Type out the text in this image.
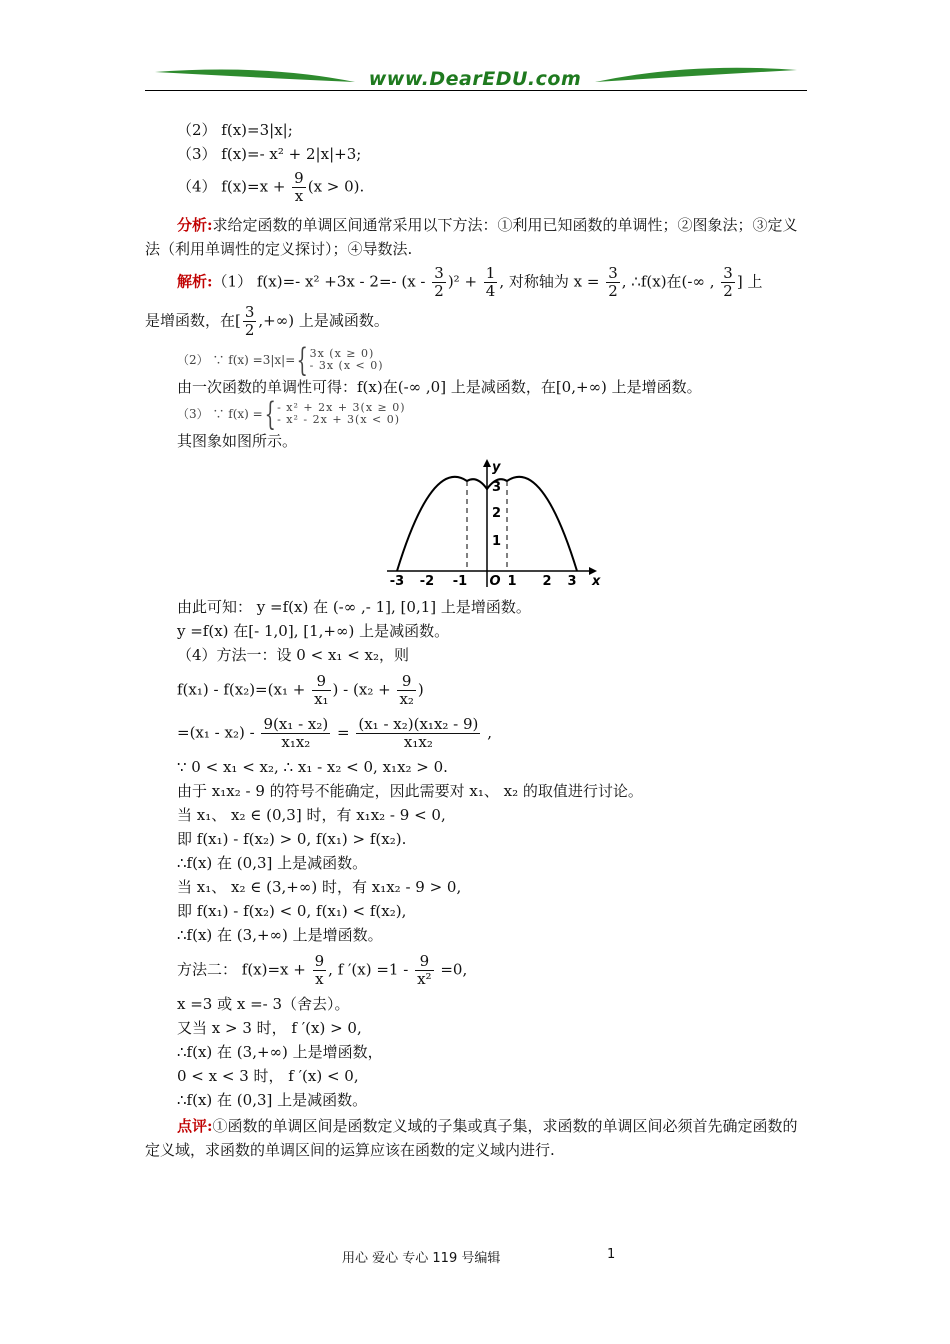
www.DearEDU.com
（2） f(x)=3|x|;
（3） f(x)=- x² + 2|x|+3;
（4） $f(x)=x + \frac{9}{x} (x > 0)$.
分析:求给定函数的单调区间通常采用以下方法：①利用已知函数的单调性；②图象法；③定义法（利用单调性的定义探讨）；④导数法.
解析:（1） f(x)=- x² +3x - 2=- $(x - \frac{3}{2} )^2 + \frac{1}{4}$ , 对称轴为 $x = \frac{3}{2}$ , ∴f(x)在(-∞ , $\frac{3}{2}$ ] 上
是增函数，在[ $\frac{3}{2}$ ,+∞) 上是减函数。
（2） ∵ f(x) =3|x|={ 3x (x ≥ 0)
- 3x (x < 0)
由一次函数的单调性可得：f(x)在(-∞ ,0] 上是减函数，在[0,+∞) 上是增函数。
（3） ∵ f(x) ={ - x² + 2x + 3(x ≥ 0)
- x² - 2x + 3(x < 0)
其图象如图所示。
-3 -2 -1 O 1 2 3 x
1
2
3
y
由此可知： y =f(x) 在 (-∞ ,- 1], [0,1] 上是增函数。
y =f(x) 在[- 1,0], [1,+∞) 上是减函数。
（4）方法一：设 0 < x₁ < x₂，则
$f(x_1) - f(x_2)=(x_1 + \frac{9}{\text{x₁}}$ ) - ($x_2 + \frac{9}{\text{x₂}}$ )
$=(x_1 - x_2) - \frac{\text{9(x₁ - x₂)}}{\text{x₁x₂}} = \frac{\text{(x₁ - x₂)(x₁x₂ - 9)}}{\text{x₁x₂}}$ ,
∵ 0 < x₁ < x₂, ∴ x₁ - x₂ < 0, x₁x₂ > 0.
由于 x₁x₂ - 9 的符号不能确定，因此需要对 x₁、 x₂ 的取值进行讨论。
当 x₁、 x₂ ∈ (0,3] 时，有 x₁x₂ - 9 < 0,
即 f(x₁) - f(x₂) > 0, f(x₁) > f(x₂).
∴f(x) 在 (0,3] 上是减函数。
当 x₁、 x₂ ∈ (3,+∞) 时，有 x₁x₂ - 9 > 0,
即 f(x₁) - f(x₂) < 0, f(x₁) < f(x₂),
∴f(x) 在 (3,+∞) 上是增函数。
方法二： $f(x)=x + \frac{9}{x}$ , f $'(x) =1 - \frac{9}{\text{x²}} =0$,
x =3 或 x =- 3（舍去）。
又当 x > 3 时， f ′(x) > 0,
∴f(x) 在 (3,+∞) 上是增函数，
0 < x < 3 时， f ′(x) < 0,
∴f(x) 在 (0,3] 上是减函数。
点评:①函数的单调区间是函数定义域的子集或真子集，求函数的单调区间必须首先确定函数的定义域，求函数的单调区间的运算应该在函数的定义域内进行.
用心 爱心 专心 119 号编辑	1
